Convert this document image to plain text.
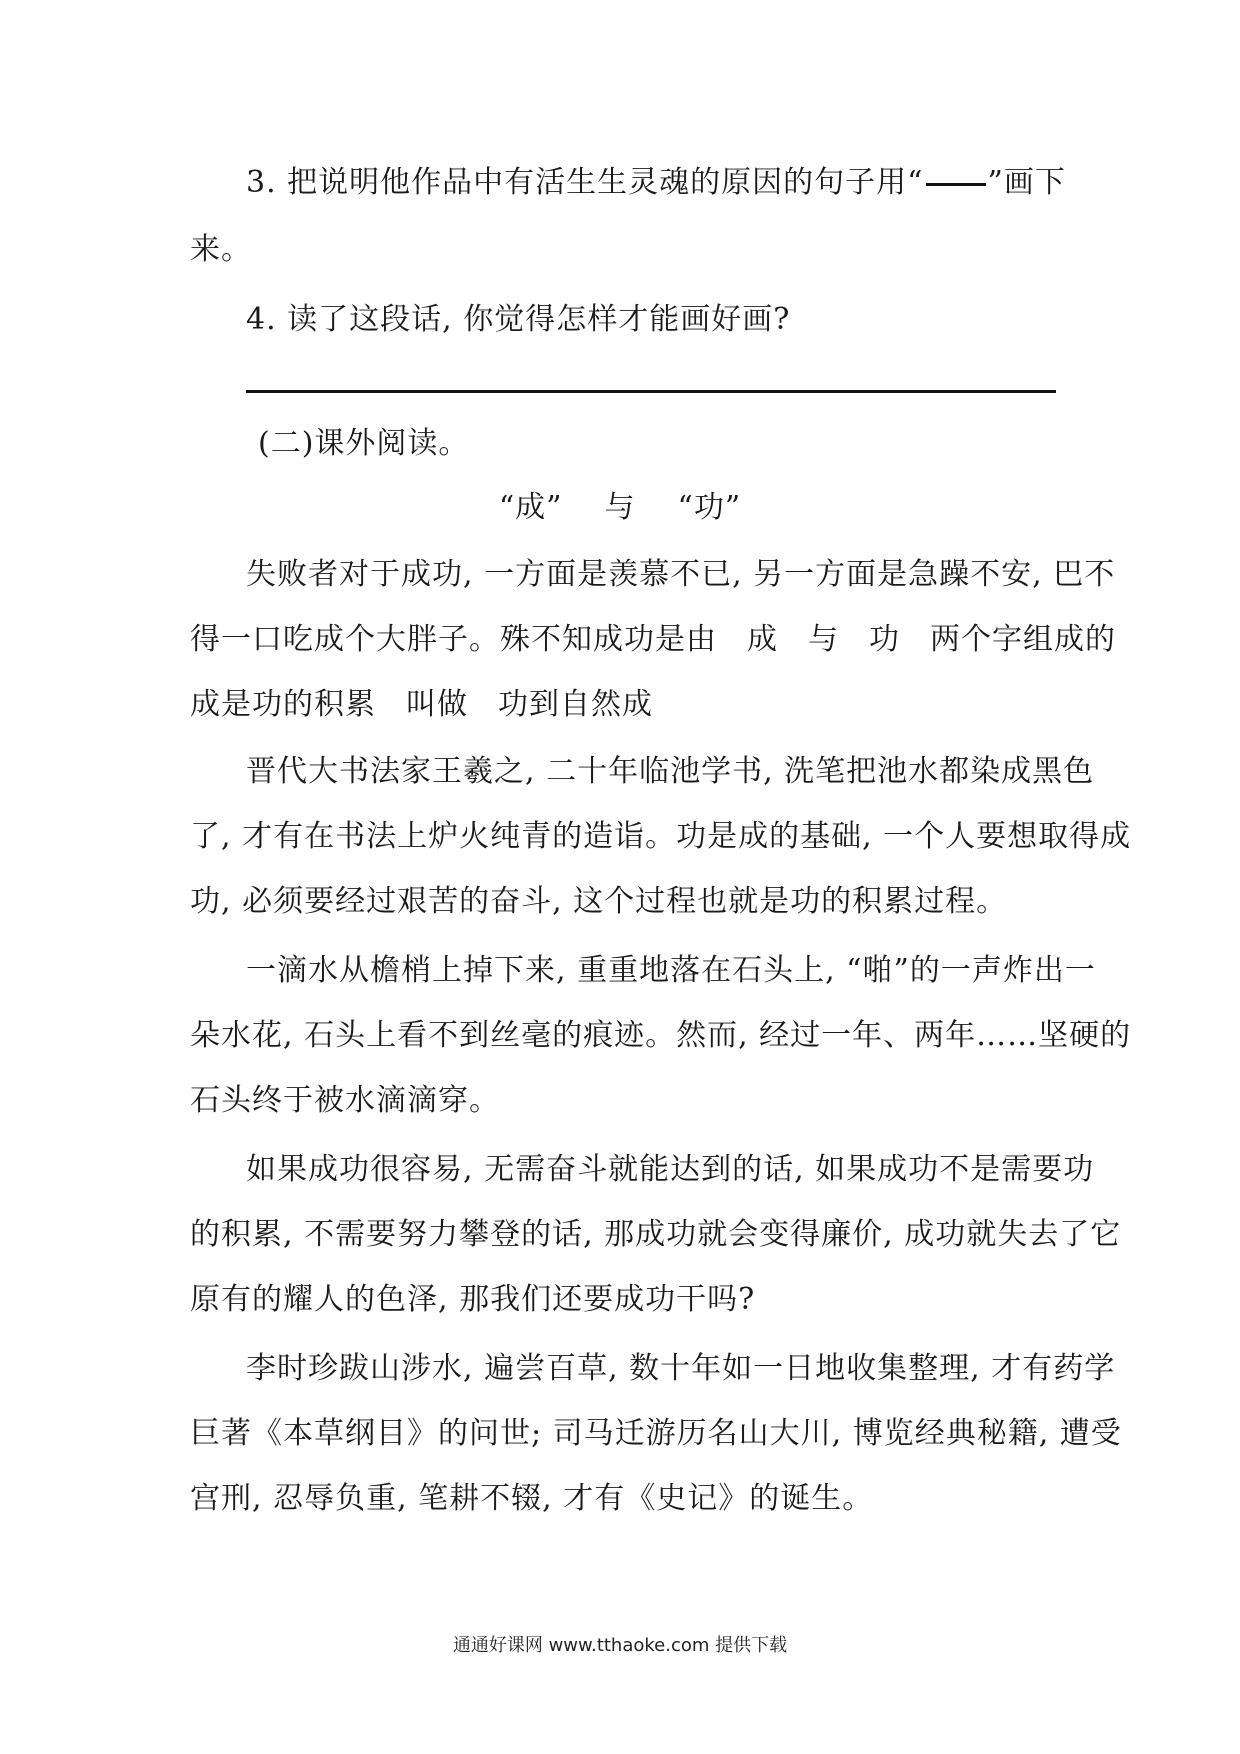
3. 把说明他作品中有活生生灵魂的原因的句子用“ ”画下
来。
4. 读了这段话, 你觉得怎样才能画好画?
(二)课外阅读。
“成” 与 “功”
失败者对于成功, 一方面是羡慕不已, 另一方面是急躁不安, 巴不
得一口吃成个大胖子。殊不知成功是由 成 与 功 两个字组成的
成是功的积累 叫做 功到自然成
晋代大书法家王羲之, 二十年临池学书, 洗笔把池水都染成黑色
了, 才有在书法上炉火纯青的造诣。功是成的基础, 一个人要想取得成
功, 必须要经过艰苦的奋斗, 这个过程也就是功的积累过程。
一滴水从檐梢上掉下来, 重重地落在石头上, “啪”的一声炸出一
朵水花, 石头上看不到丝毫的痕迹。然而, 经过一年、两年……坚硬的
石头终于被水滴滴穿。
如果成功很容易, 无需奋斗就能达到的话, 如果成功不是需要功
的积累, 不需要努力攀登的话, 那成功就会变得廉价, 成功就失去了它
原有的耀人的色泽, 那我们还要成功干吗?
李时珍跋山涉水, 遍尝百草, 数十年如一日地收集整理, 才有药学
巨著《本草纲目》的问世; 司马迁游历名山大川, 博览经典秘籍, 遭受
宫刑, 忍辱负重, 笔耕不辍, 才有《史记》的诞生。
通通好课网 www.tthaoke.com 提供下载
